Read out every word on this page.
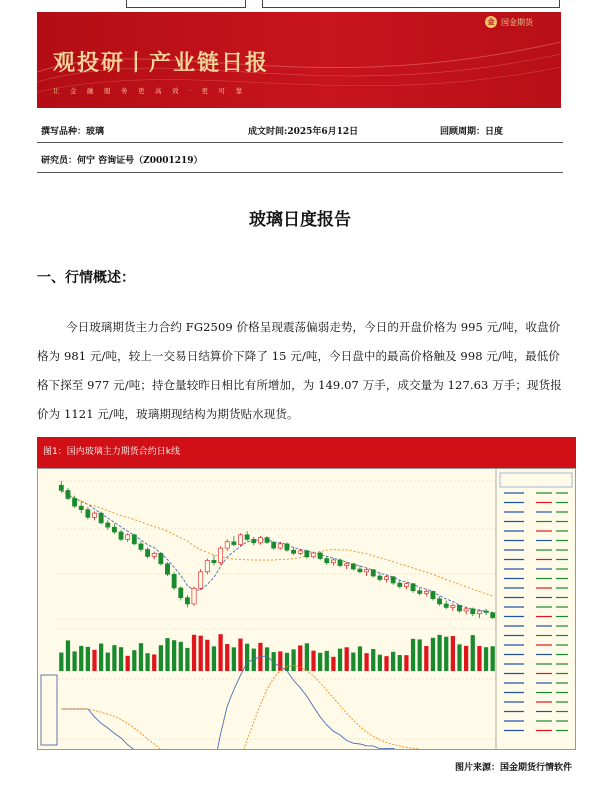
金 国金期货
观投研丨产业链日报
让金融服务更高效·更可靠
撰写品种：玻璃	成文时间:2025年6月12日	回顾周期：日度
研究员：何宁 咨询证号（Z0001219）
玻璃日度报告
一、行情概述：
今日玻璃期货主力合约 FG2509 价格呈现震荡偏弱走势，今日的开盘价格为 995 元/吨，收盘价格为 981 元/吨，较上一交易日结算价下降了 15 元/吨，今日盘中的最高价格触及 998 元/吨，最低价格下探至 977 元/吨；持仓量较昨日相比有所增加，为 149.07 万手，成交量为 127.63 万手；现货报价为 1121 元/吨，玻璃期现结构为期货贴水现货。
图1：国内玻璃主力期货合约日k线
图片来源：国金期货行情软件
